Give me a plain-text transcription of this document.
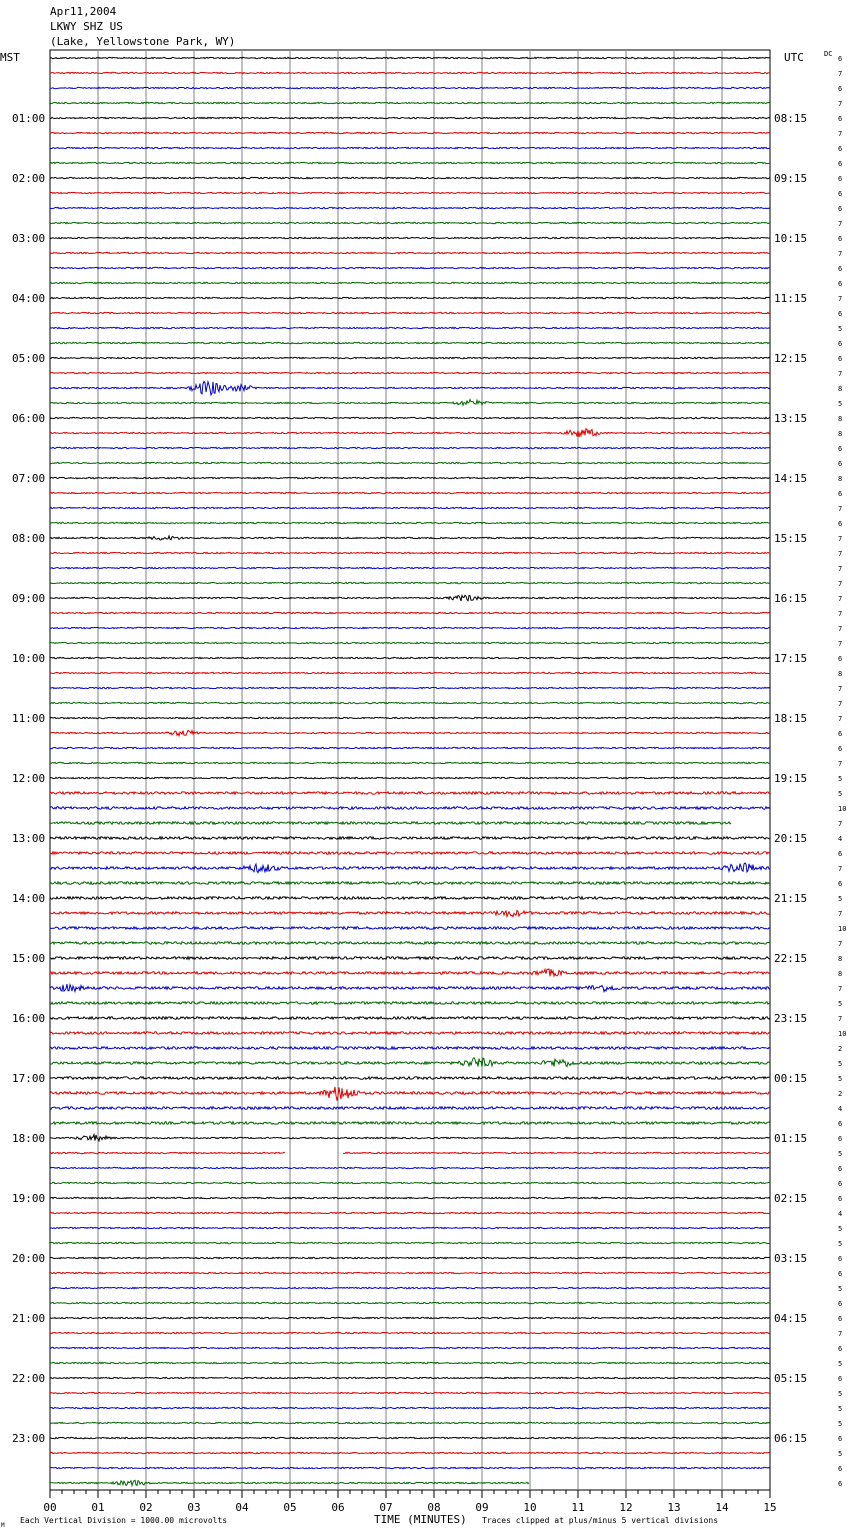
Apr11,2004
LKWY SHZ US
(Lake, Yellowstone Park, WY)
MST	UTC	DC
01:00
02:00
03:00
04:00
05:00
06:00
07:00
08:00
09:00
10:00
11:00
12:00
13:00
14:00
15:00
16:00
17:00
18:00
19:00
20:00
21:00
22:00
23:00
08:15
09:15
10:15
11:15
12:15
13:15
14:15
15:15
16:15
17:15
18:15
19:15
20:15
21:15
22:15
23:15
00:15
01:15
02:15
03:15
04:15
05:15
06:15
6
7
6
7
6
7
6
6
6
6
6
7
6
7
6
6
7
6
5
6
6
7
8
5
8
8
6
6
8
6
7
6
7
7
7
7
7
7
7
7
6
8
7
7
7
6
6
7
5
5
10
7
4
6
7
6
5
7
10
7
8
8
7
5
7
10
2
5
5
2
4
6
6
5
6
6
6
4
5
5
6
6
5
6
6
7
6
5
6
5
5
5
6
5
6
6
00	01	02	03	04	05	06	07	08	09	10	11	12	13	14	15
TIME (MINUTES)
Each Vertical Division = 1000.00 microvolts	Traces clipped at plus/minus 5 vertical divisions
M
